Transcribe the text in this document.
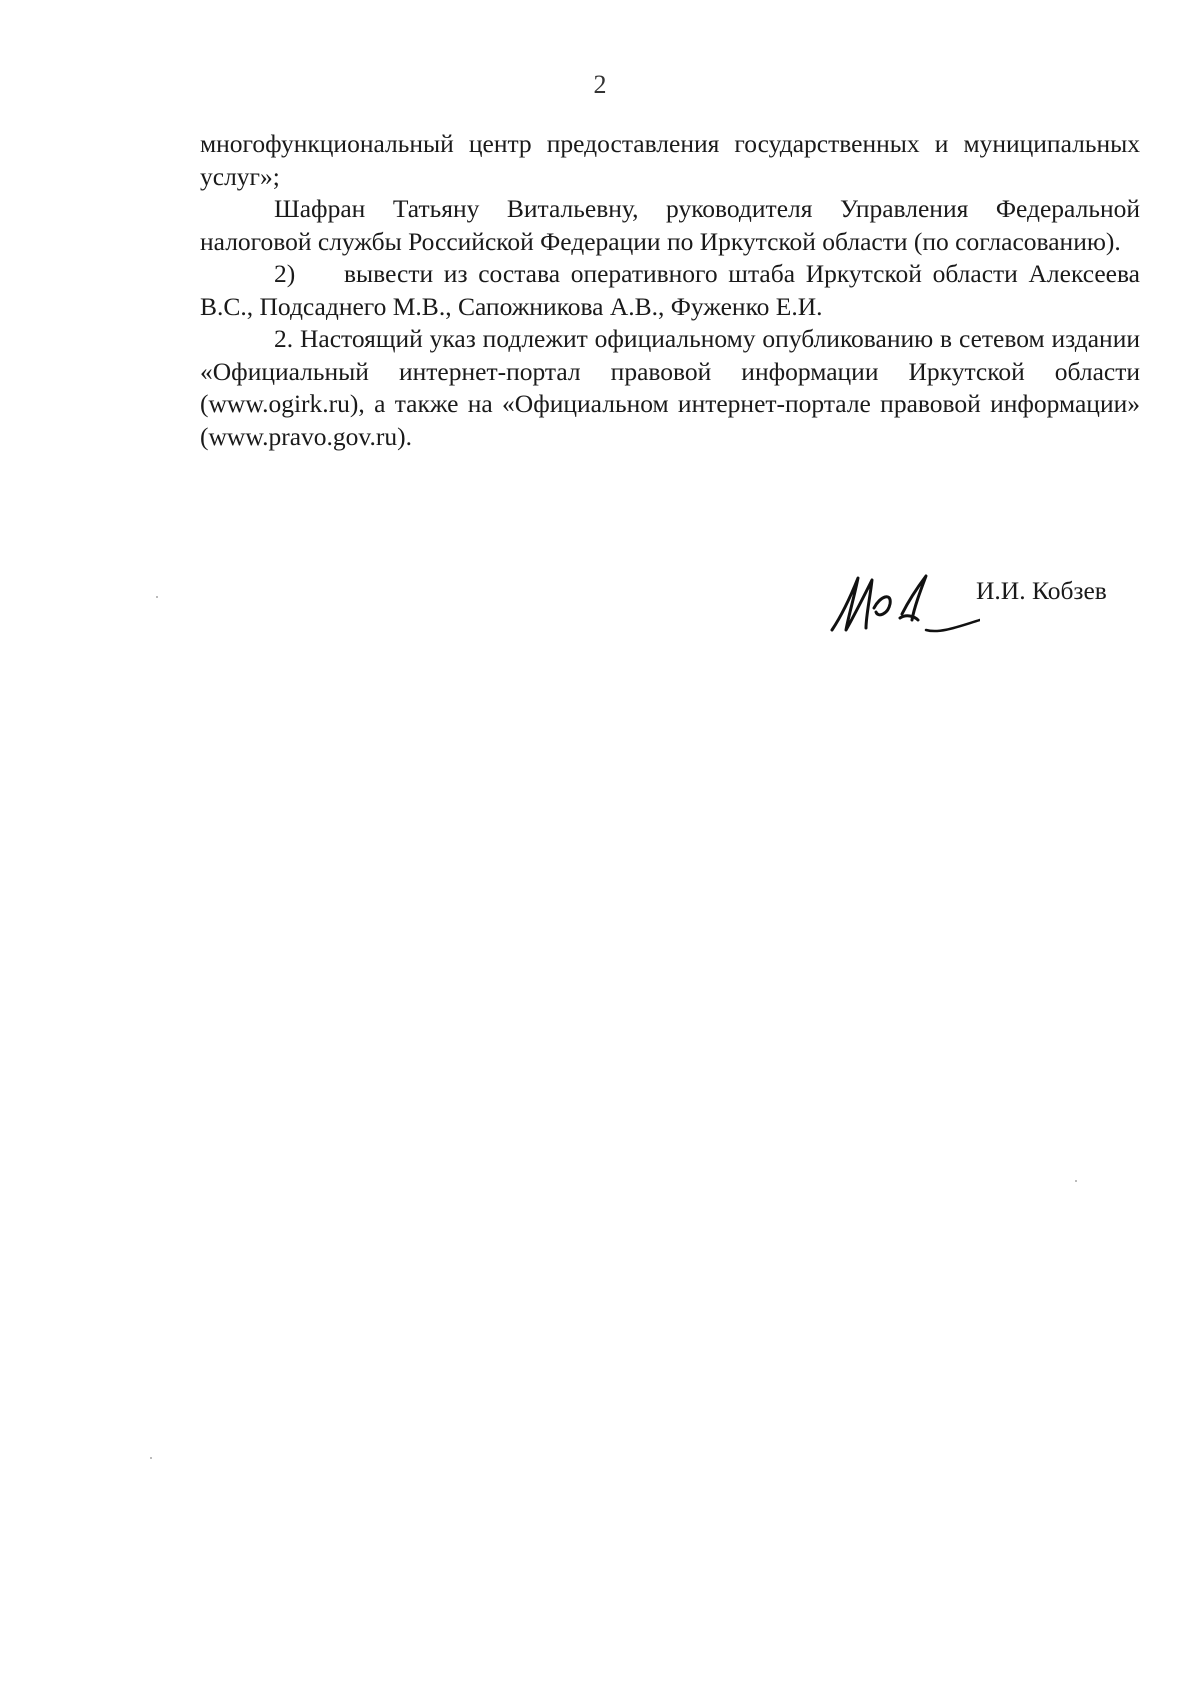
2

многофункциональный центр предоставления государственных и муниципальных услуг»;

Шафран Татьяну Витальевну, руководителя Управления Федеральной налоговой службы Российской Федерации по Иркутской области (по согласованию).

2) вывести из состава оперативного штаба Иркутской области Алексеева В.С., Подсаднего М.В., Сапожникова А.В., Фуженко Е.И.

2. Настоящий указ подлежит официальному опубликованию в сетевом издании «Официальный интернет-портал правовой информации Иркутской области (www.ogirk.ru), а также на «Официальном интернет-портале правовой информации» (www.pravo.gov.ru).

И.И. Кобзев
